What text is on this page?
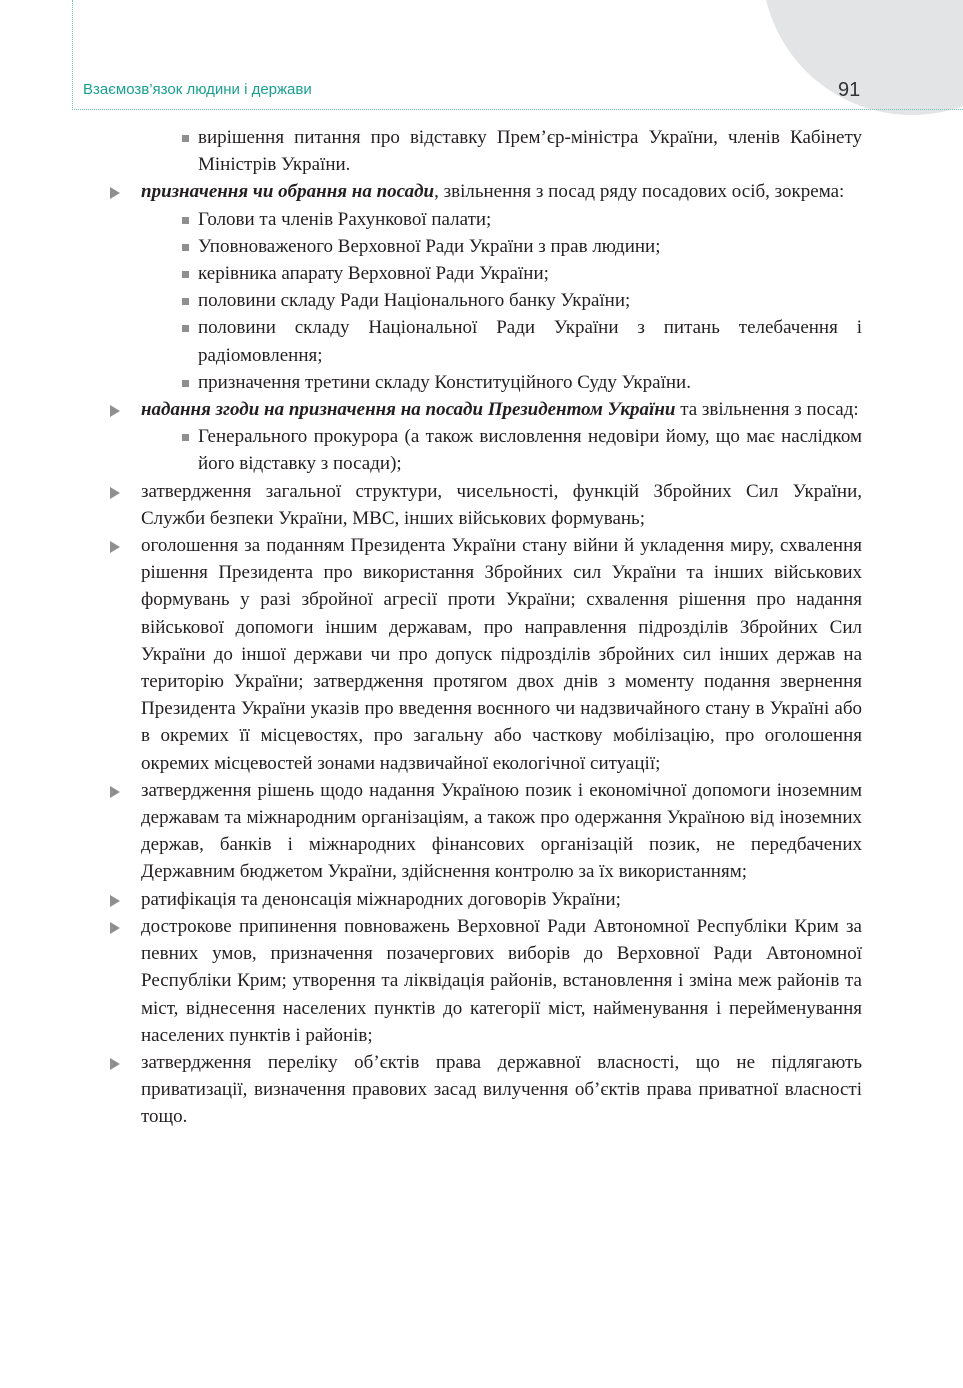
Взаємозв’язок людини і держави	91
вирішення питання про відставку Прем’єр-міністра України, членів Кабінету Міністрів України.
призначення чи обрання на посади, звільнення з посад ряду посадових осіб, зокрема:
Голови та членів Рахункової палати;
Уповноваженого Верховної Ради України з прав людини;
керівника апарату Верховної Ради України;
половини складу Ради Національного банку України;
половини складу Національної Ради України з питань телебачення і радіомовлення;
призначення третини складу Конституційного Суду України.
надання згоди на призначення на посади Президентом України та звільнення з посад:
Генерального прокурора (а також висловлення недовіри йому, що має наслідком його відставку з посади);
затвердження загальної структури, чисельності, функцій Збройних Сил України, Служби безпеки України, МВС, інших військових формувань;
оголошення за поданням Президента України стану війни й укладення миру, схвалення рішення Президента про використання Збройних сил України та інших військових формувань у разі збройної агресії проти України; схвалення рішення про надання військової допомоги іншим державам, про направлення підрозділів Збройних Сил України до іншої держави чи про допуск підрозділів збройних сил інших держав на територію України; затвердження протягом двох днів з моменту подання звернення Президента України указів про введення воєнного чи надзвичайного стану в Україні або в окремих її місцевостях, про загальну або часткову мобілізацію, про оголошення окремих місцевостей зонами надзвичайної екологічної ситуації;
затвердження рішень щодо надання Україною позик і економічної допомоги іноземним державам та міжнародним організаціям, а також про одержання Україною від іноземних держав, банків і міжнародних фінансових організацій позик, не передбачених Державним бюджетом України, здійснення контролю за їх використанням;
ратифікація та денонсація міжнародних договорів України;
дострокове припинення повноважень Верховної Ради Автономної Республіки Крим за певних умов, призначення позачергових виборів до Верховної Ради Автономної Республіки Крим; утворення та ліквідація районів, встановлення і зміна меж районів та міст, віднесення населених пунктів до категорії міст, найменування і перейменування населених пунктів і районів;
затвердження переліку об’єктів права державної власності, що не підлягають приватизації, визначення правових засад вилучення об’єктів права приватної власності тощо.
